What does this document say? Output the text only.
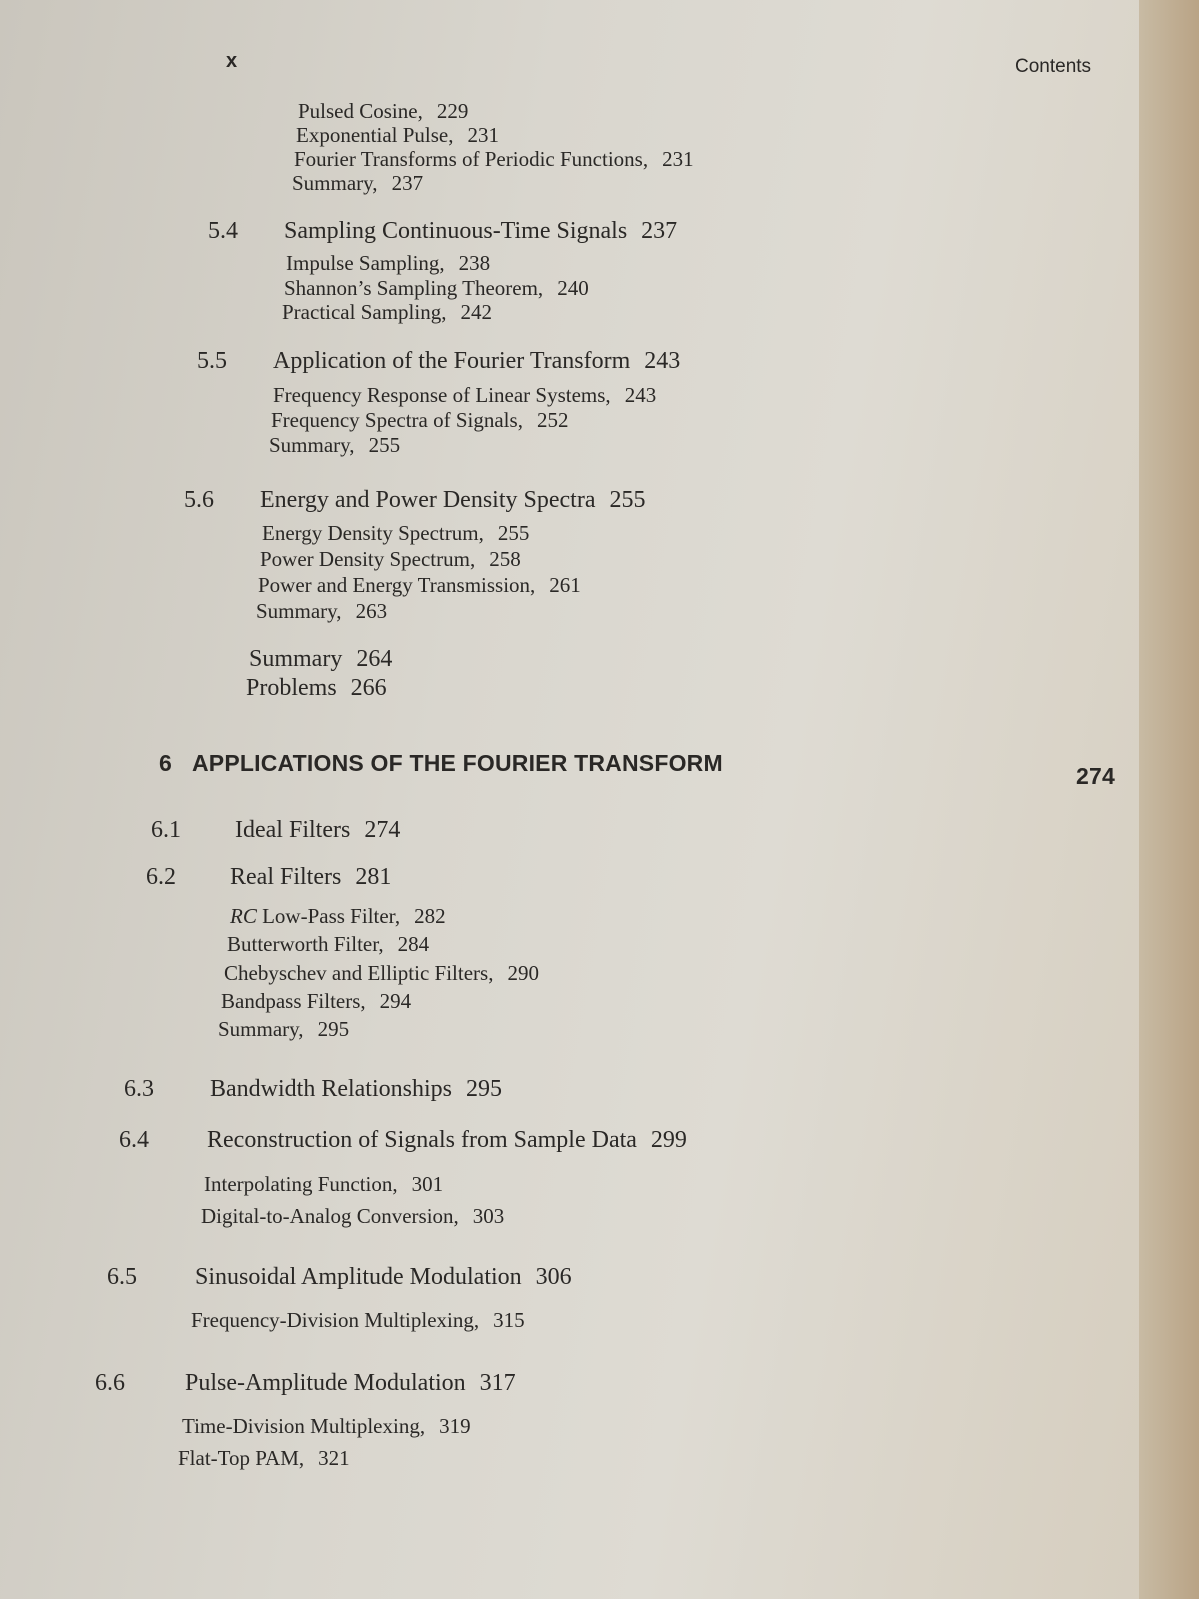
x	Contents
Pulsed Cosine, 229
Exponential Pulse, 231
Fourier Transforms of Periodic Functions, 231
Summary, 237
5.4 Sampling Continuous-Time Signals 237
Impulse Sampling, 238
Shannon’s Sampling Theorem, 240
Practical Sampling, 242
5.5 Application of the Fourier Transform 243
Frequency Response of Linear Systems, 243
Frequency Spectra of Signals, 252
Summary, 255
5.6 Energy and Power Density Spectra 255
Energy Density Spectrum, 255
Power Density Spectrum, 258
Power and Energy Transmission, 261
Summary, 263
Summary 264
Problems 266
6 APPLICATIONS OF THE FOURIER TRANSFORM	274
6.1 Ideal Filters 274
6.2 Real Filters 281
RC Low-Pass Filter, 282
Butterworth Filter, 284
Chebyschev and Elliptic Filters, 290
Bandpass Filters, 294
Summary, 295
6.3 Bandwidth Relationships 295
6.4 Reconstruction of Signals from Sample Data 299
Interpolating Function, 301
Digital-to-Analog Conversion, 303
6.5 Sinusoidal Amplitude Modulation 306
Frequency-Division Multiplexing, 315
6.6	Pulse-Amplitude Modulation 317
Time-Division Multiplexing, 319
Flat-Top PAM, 321
